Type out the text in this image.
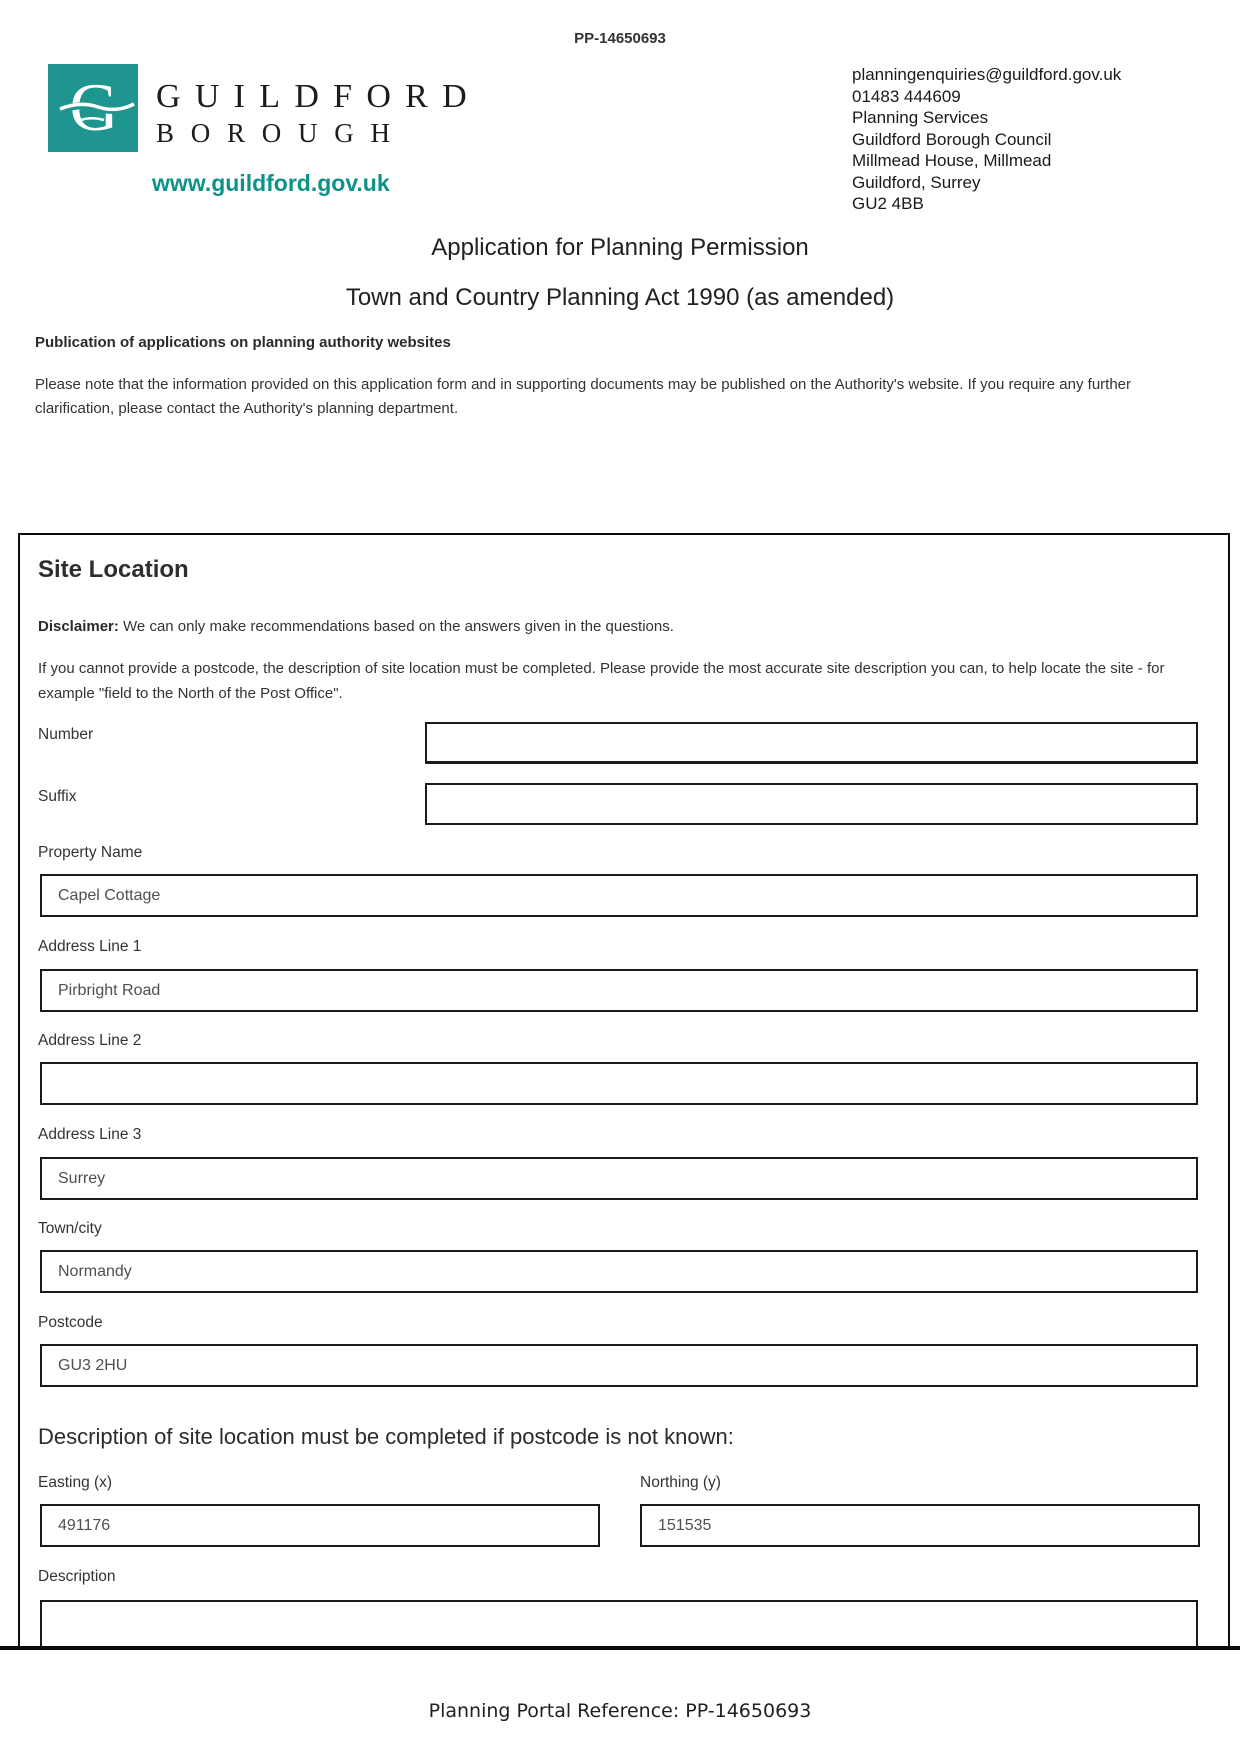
PP-14650693
G GUILDFORD
BOROUGH
www.guildford.gov.uk
planningenquiries@guildford.gov.uk
01483 444609
Planning Services
Guildford Borough Council
Millmead House, Millmead
Guildford, Surrey
GU2 4BB
Application for Planning Permission
Town and Country Planning Act 1990 (as amended)
Publication of applications on planning authority websites
Please note that the information provided on this application form and in supporting documents may be published on the Authority's website. If you require any further clarification, please contact the Authority's planning department.
Site Location
Disclaimer: We can only make recommendations based on the answers given in the questions.
If you cannot provide a postcode, the description of site location must be completed. Please provide the most accurate site description you can, to help locate the site - for example "field to the North of the Post Office".
Number
Suffix
Property Name
Capel Cottage
Address Line 1
Pirbright Road
Address Line 2
Address Line 3
Surrey
Town/city
Normandy
Postcode
GU3 2HU
Description of site location must be completed if postcode is not known:
Easting (x)
491176	Northing (y)
151535
Description
Planning Portal Reference: PP-14650693
